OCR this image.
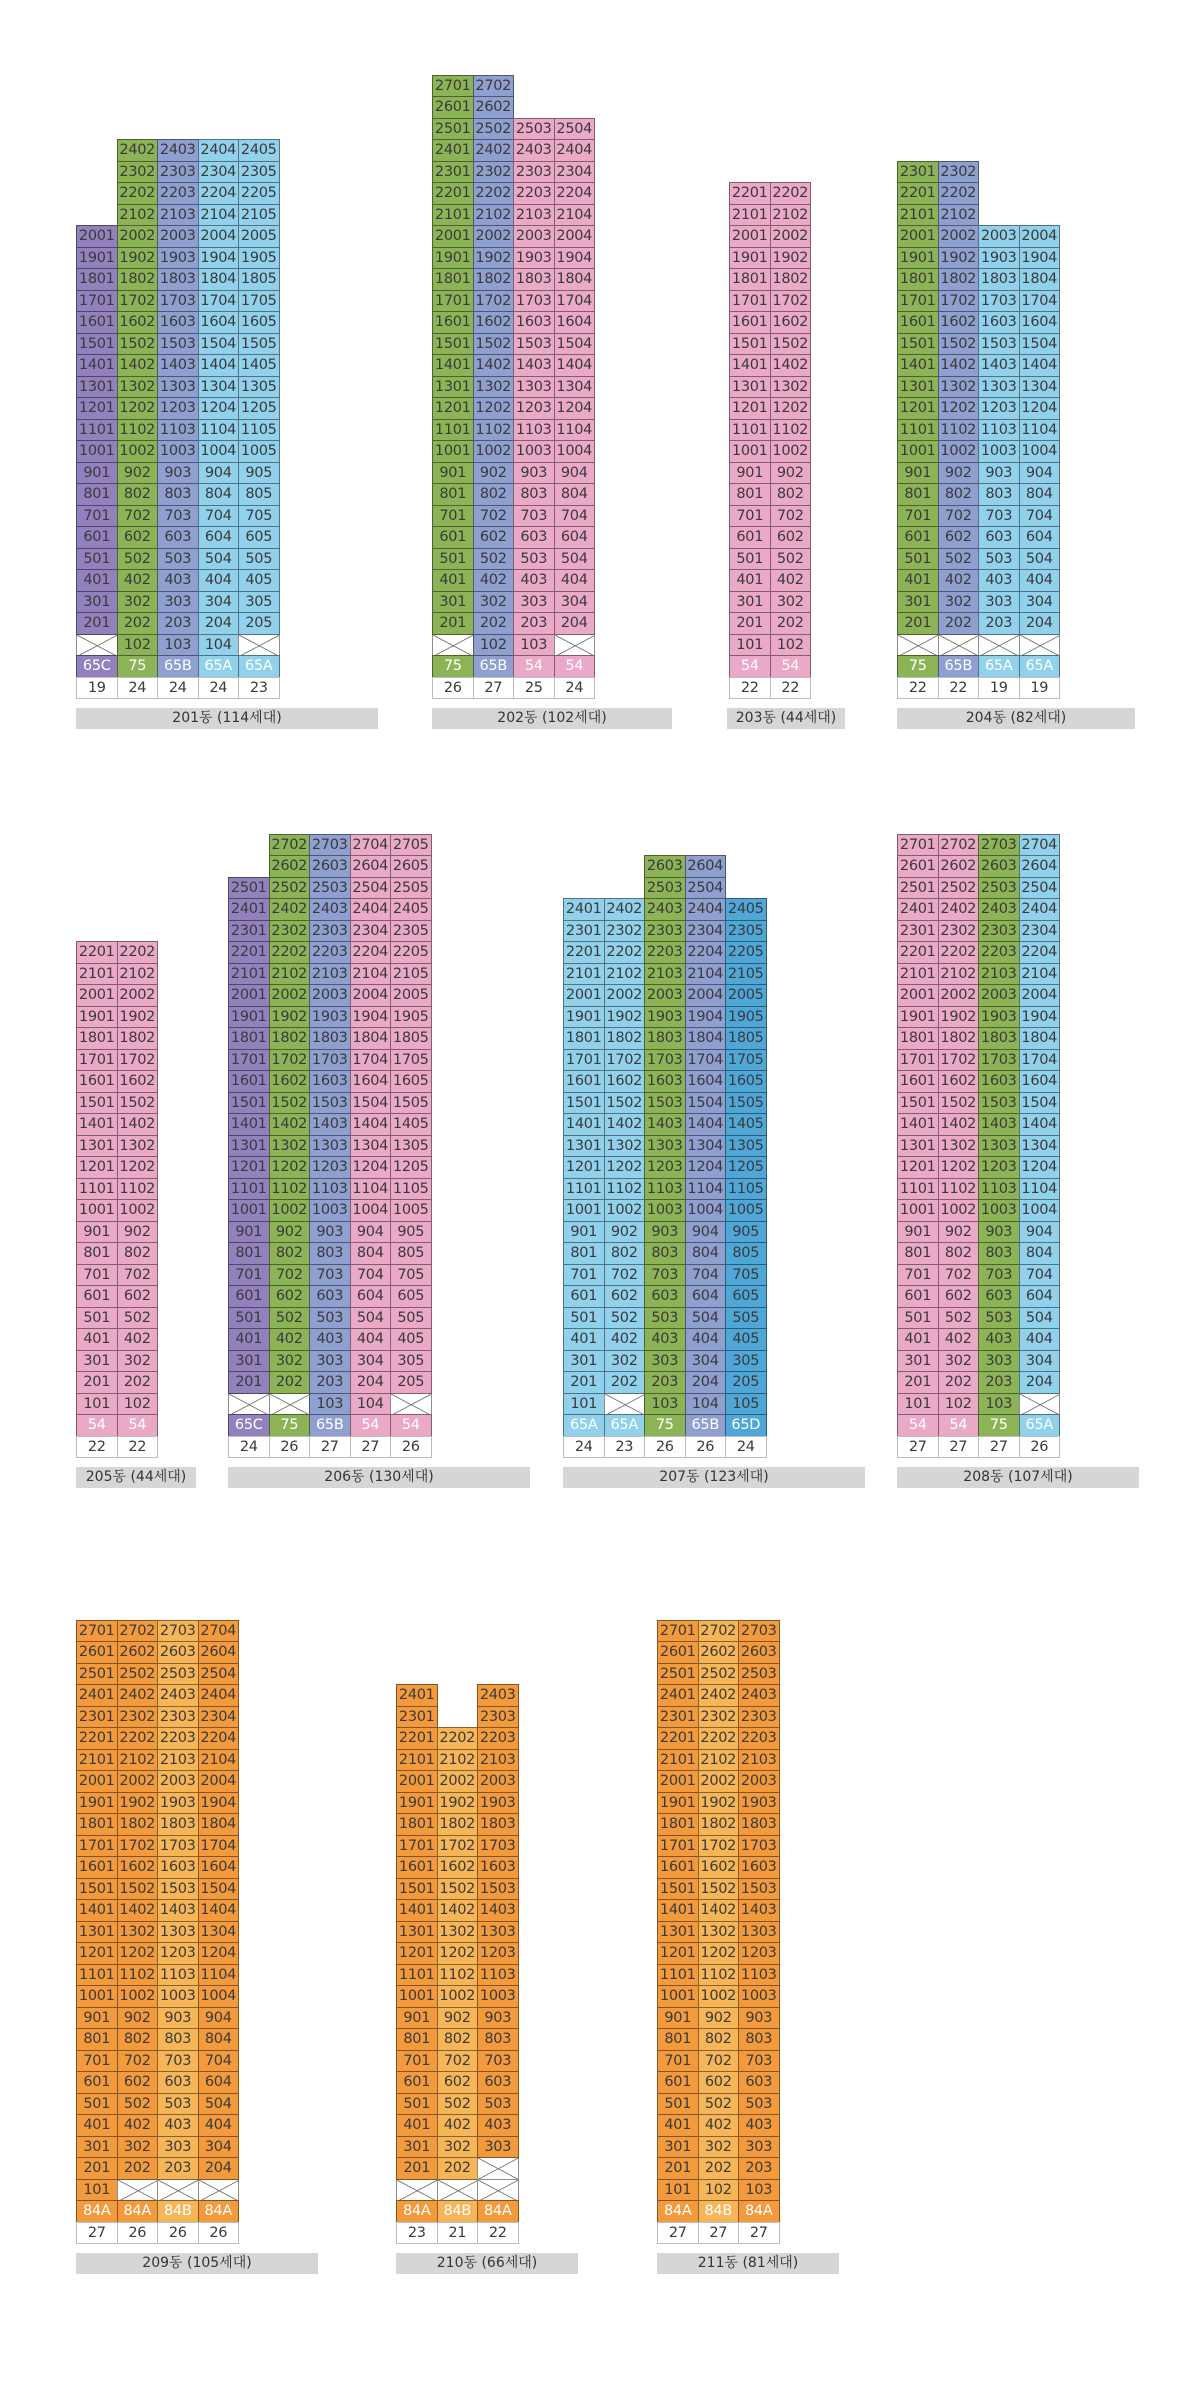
201
301
401
501
601
701
801
901
1001
1101
1201
1301
1401
1501
1601
1701
1801
1901
2001
65C
19
102
202
302
402
502
602
702
802
902
1002
1102
1202
1302
1402
1502
1602
1702
1802
1902
2002
2102
2202
2302
2402
75
24
103
203
303
403
503
603
703
803
903
1003
1103
1203
1303
1403
1503
1603
1703
1803
1903
2003
2103
2203
2303
2403
65B
24
104
204
304
404
504
604
704
804
904
1004
1104
1204
1304
1404
1504
1604
1704
1804
1904
2004
2104
2204
2304
2404
65A
24
205
305
405
505
605
705
805
905
1005
1105
1205
1305
1405
1505
1605
1705
1805
1905
2005
2105
2205
2305
2405
65A
23
201동 (114세대)
201
301
401
501
601
701
801
901
1001
1101
1201
1301
1401
1501
1601
1701
1801
1901
2001
2101
2201
2301
2401
2501
2601
2701
75
26
102
202
302
402
502
602
702
802
902
1002
1102
1202
1302
1402
1502
1602
1702
1802
1902
2002
2102
2202
2302
2402
2502
2602
2702
65B
27
103
203
303
403
503
603
703
803
903
1003
1103
1203
1303
1403
1503
1603
1703
1803
1903
2003
2103
2203
2303
2403
2503
54
25
204
304
404
504
604
704
804
904
1004
1104
1204
1304
1404
1504
1604
1704
1804
1904
2004
2104
2204
2304
2404
2504
54
24
202동 (102세대)
101
201
301
401
501
601
701
801
901
1001
1101
1201
1301
1401
1501
1601
1701
1801
1901
2001
2101
2201
54
22
102
202
302
402
502
602
702
802
902
1002
1102
1202
1302
1402
1502
1602
1702
1802
1902
2002
2102
2202
54
22
203동 (44세대)
201
301
401
501
601
701
801
901
1001
1101
1201
1301
1401
1501
1601
1701
1801
1901
2001
2101
2201
2301
75
22
202
302
402
502
602
702
802
902
1002
1102
1202
1302
1402
1502
1602
1702
1802
1902
2002
2102
2202
2302
65B
22
203
303
403
503
603
703
803
903
1003
1103
1203
1303
1403
1503
1603
1703
1803
1903
2003
65A
19
204
304
404
504
604
704
804
904
1004
1104
1204
1304
1404
1504
1604
1704
1804
1904
2004
65A
19
204동 (82세대)
101
201
301
401
501
601
701
801
901
1001
1101
1201
1301
1401
1501
1601
1701
1801
1901
2001
2101
2201
54
22
102
202
302
402
502
602
702
802
902
1002
1102
1202
1302
1402
1502
1602
1702
1802
1902
2002
2102
2202
54
22
205동 (44세대)
201
301
401
501
601
701
801
901
1001
1101
1201
1301
1401
1501
1601
1701
1801
1901
2001
2101
2201
2301
2401
2501
65C
24
202
302
402
502
602
702
802
902
1002
1102
1202
1302
1402
1502
1602
1702
1802
1902
2002
2102
2202
2302
2402
2502
2602
2702
75
26
103
203
303
403
503
603
703
803
903
1003
1103
1203
1303
1403
1503
1603
1703
1803
1903
2003
2103
2203
2303
2403
2503
2603
2703
65B
27
104
204
304
404
504
604
704
804
904
1004
1104
1204
1304
1404
1504
1604
1704
1804
1904
2004
2104
2204
2304
2404
2504
2604
2704
54
27
205
305
405
505
605
705
805
905
1005
1105
1205
1305
1405
1505
1605
1705
1805
1905
2005
2105
2205
2305
2405
2505
2605
2705
54
26
206동 (130세대)
101
201
301
401
501
601
701
801
901
1001
1101
1201
1301
1401
1501
1601
1701
1801
1901
2001
2101
2201
2301
2401
65A
24
202
302
402
502
602
702
802
902
1002
1102
1202
1302
1402
1502
1602
1702
1802
1902
2002
2102
2202
2302
2402
65A
23
103
203
303
403
503
603
703
803
903
1003
1103
1203
1303
1403
1503
1603
1703
1803
1903
2003
2103
2203
2303
2403
2503
2603
75
26
104
204
304
404
504
604
704
804
904
1004
1104
1204
1304
1404
1504
1604
1704
1804
1904
2004
2104
2204
2304
2404
2504
2604
65B
26
105
205
305
405
505
605
705
805
905
1005
1105
1205
1305
1405
1505
1605
1705
1805
1905
2005
2105
2205
2305
2405
65D
24
207동 (123세대)
101
201
301
401
501
601
701
801
901
1001
1101
1201
1301
1401
1501
1601
1701
1801
1901
2001
2101
2201
2301
2401
2501
2601
2701
54
27
102
202
302
402
502
602
702
802
902
1002
1102
1202
1302
1402
1502
1602
1702
1802
1902
2002
2102
2202
2302
2402
2502
2602
2702
54
27
103
203
303
403
503
603
703
803
903
1003
1103
1203
1303
1403
1503
1603
1703
1803
1903
2003
2103
2203
2303
2403
2503
2603
2703
75
27
204
304
404
504
604
704
804
904
1004
1104
1204
1304
1404
1504
1604
1704
1804
1904
2004
2104
2204
2304
2404
2504
2604
2704
65A
26
208동 (107세대)
101
201
301
401
501
601
701
801
901
1001
1101
1201
1301
1401
1501
1601
1701
1801
1901
2001
2101
2201
2301
2401
2501
2601
2701
84A
27
202
302
402
502
602
702
802
902
1002
1102
1202
1302
1402
1502
1602
1702
1802
1902
2002
2102
2202
2302
2402
2502
2602
2702
84A
26
203
303
403
503
603
703
803
903
1003
1103
1203
1303
1403
1503
1603
1703
1803
1903
2003
2103
2203
2303
2403
2503
2603
2703
84B
26
204
304
404
504
604
704
804
904
1004
1104
1204
1304
1404
1504
1604
1704
1804
1904
2004
2104
2204
2304
2404
2504
2604
2704
84A
26
209동 (105세대)
201
301
401
501
601
701
801
901
1001
1101
1201
1301
1401
1501
1601
1701
1801
1901
2001
2101
2201
2301
2401
84A
23
202
302
402
502
602
702
802
902
1002
1102
1202
1302
1402
1502
1602
1702
1802
1902
2002
2102
2202
84B
21
303
403
503
603
703
803
903
1003
1103
1203
1303
1403
1503
1603
1703
1803
1903
2003
2103
2203
2303
2403
84A
22
210동 (66세대)
101
201
301
401
501
601
701
801
901
1001
1101
1201
1301
1401
1501
1601
1701
1801
1901
2001
2101
2201
2301
2401
2501
2601
2701
84A
27
102
202
302
402
502
602
702
802
902
1002
1102
1202
1302
1402
1502
1602
1702
1802
1902
2002
2102
2202
2302
2402
2502
2602
2702
84B
27
103
203
303
403
503
603
703
803
903
1003
1103
1203
1303
1403
1503
1603
1703
1803
1903
2003
2103
2203
2303
2403
2503
2603
2703
84A
27
211동 (81세대)
